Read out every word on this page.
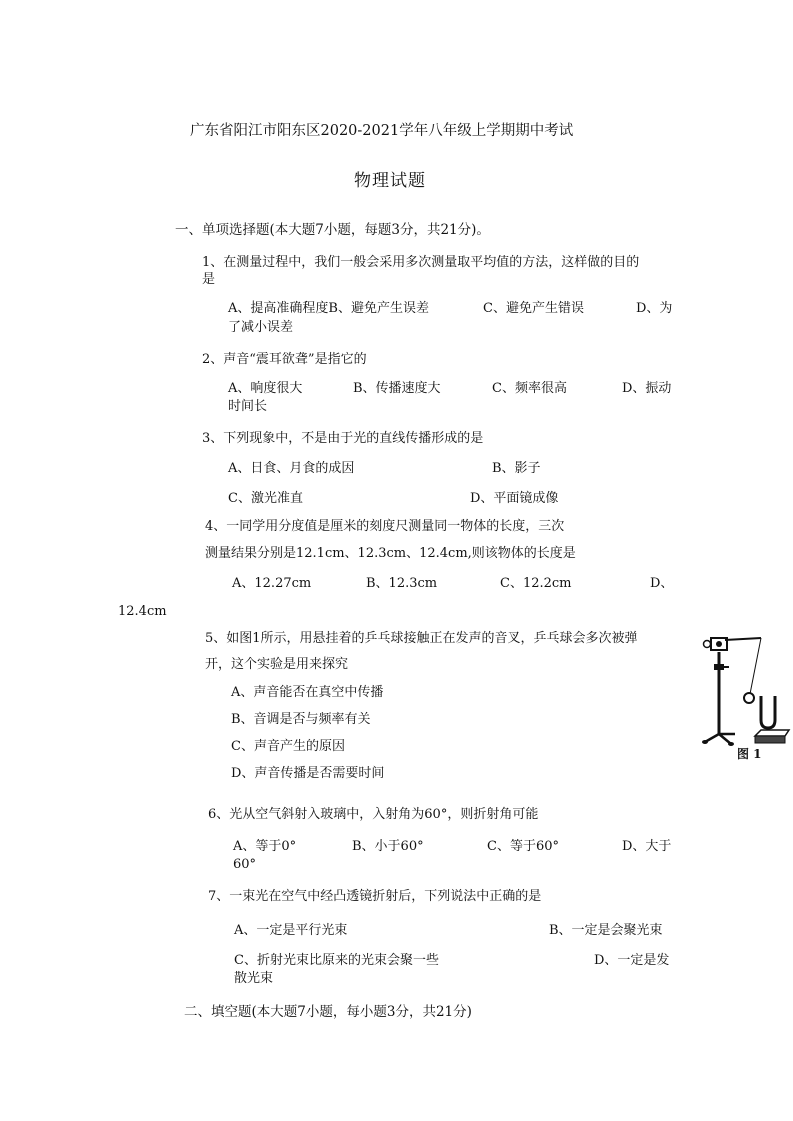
广东省阳江市阳东区2020-2021学年八年级上学期期中考试
物理试题
一、单项选择题(本大题7小题，每题3分，共21分)。
1、在测量过程中，我们一般会采用多次测量取平均值的方法，这样做的目的
是
A、提高准确程度B、避免产生误差	C、避免产生错误	D、为
了减小误差
2、声音“震耳欲聋”是指它的
A、响度很大	B、传播速度大	C、频率很高	D、振动
时间长
3、下列现象中，不是由于光的直线传播形成的是
A、日食、月食的成因	B、影子
C、激光准直	D、平面镜成像
4、一同学用分度值是厘米的刻度尺测量同一物体的长度，三次
测量结果分别是12.1cm、12.3cm、12.4cm,则该物体的长度是
A、12.27cm	B、12.3cm	C、12.2cm	D、
12.4cm
5、如图1所示，用悬挂着的乒乓球接触正在发声的音叉，乒乓球会多次被弹
开，这个实验是用来探究
A、声音能否在真空中传播
B、音调是否与频率有关
C、声音产生的原因
D、声音传播是否需要时间
图 1
6、光从空气斜射入玻璃中，入射角为60°，则折射角可能
A、等于0°	B、小于60°	C、等于60°	D、大于
60°
7、一束光在空气中经凸透镜折射后，下列说法中正确的是
A、一定是平行光束	B、一定是会聚光束
C、折射光束比原来的光束会聚一些	D、一定是发
散光束
二、填空题(本大题7小题，每小题3分，共21分)
